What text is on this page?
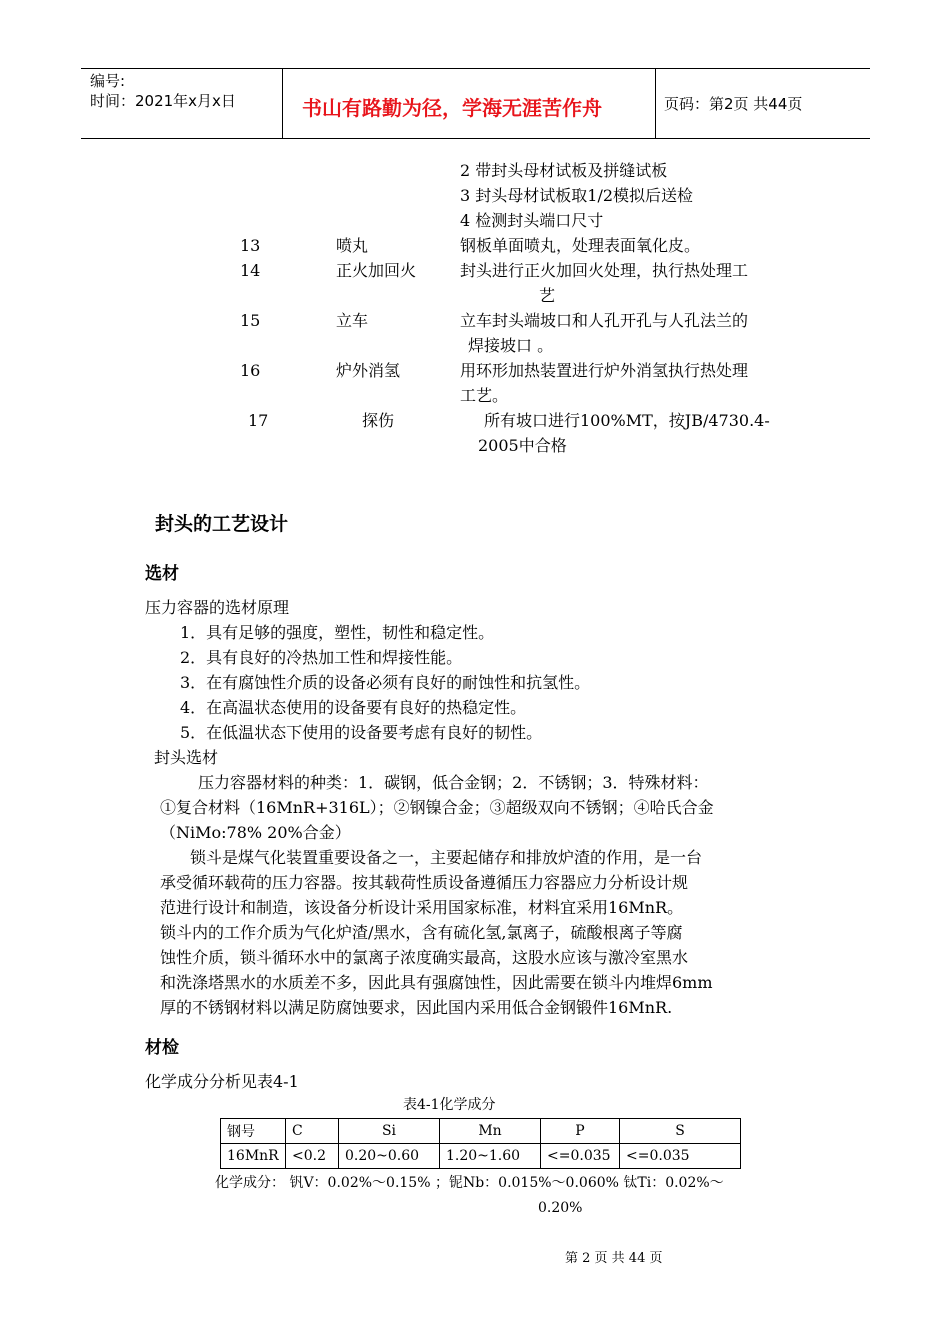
编号:
时间：2021年x月x日	书山有路勤为径，学海无涯苦作舟	页码：第2页 共44页
2 带封头母材试板及拼缝试板
3 封头母材试板取1/2模拟后送检
4 检测封头端口尺寸
13	喷丸	钢板单面喷丸，处理表面氧化皮。
14	正火加回火	封头进行正火加回火处理，执行热处理工
艺
15	立车	立车封头端坡口和人孔开孔与人孔法兰的
焊接坡口 。
16	炉外消氢	用环形加热装置进行炉外消氢执行热处理
工艺。
17	探伤	所有坡口进行100%MT，按JB/4730.4-
2005中合格
封头的工艺设计
选材
压力容器的选材原理
1．具有足够的强度，塑性，韧性和稳定性。
2．具有良好的冷热加工性和焊接性能。
3．在有腐蚀性介质的设备必须有良好的耐蚀性和抗氢性。
4．在高温状态使用的设备要有良好的热稳定性。
5．在低温状态下使用的设备要考虑有良好的韧性。
封头选材
压力容器材料的种类：1．碳钢，低合金钢；2．不锈钢；3．特殊材料：
①复合材料（16MnR+316L）；②钢镍合金；③超级双向不锈钢；④哈氏合金
（NiMo:78% 20%合金）
锁斗是煤气化装置重要设备之一，主要起储存和排放炉渣的作用，是一台
承受循环载荷的压力容器。按其载荷性质设备遵循压力容器应力分析设计规
范进行设计和制造，该设备分析设计采用国家标准，材料宜采用16MnR。
锁斗内的工作介质为气化炉渣/黑水，含有硫化氢,氯离子，硫酸根离子等腐
蚀性介质，锁斗循环水中的氯离子浓度确实最高，这股水应该与激冷室黑水
和洗涤塔黑水的水质差不多，因此具有强腐蚀性，因此需要在锁斗内堆焊6mm
厚的不锈钢材料以满足防腐蚀要求，因此国内采用低合金钢锻件16MnR.
材检
化学成分分析见表4-1
表4-1化学成分
钢号	C	Si	Mn	P	S
16MnR	<0.2	0.20~0.60	1.20~1.60	<=0.035	<=0.035
化学成分： 钒V：0.02%～0.15% ；铌Nb：0.015%～0.060% 钛Ti：0.02%～
0.20%
第 2 页 共 44 页
